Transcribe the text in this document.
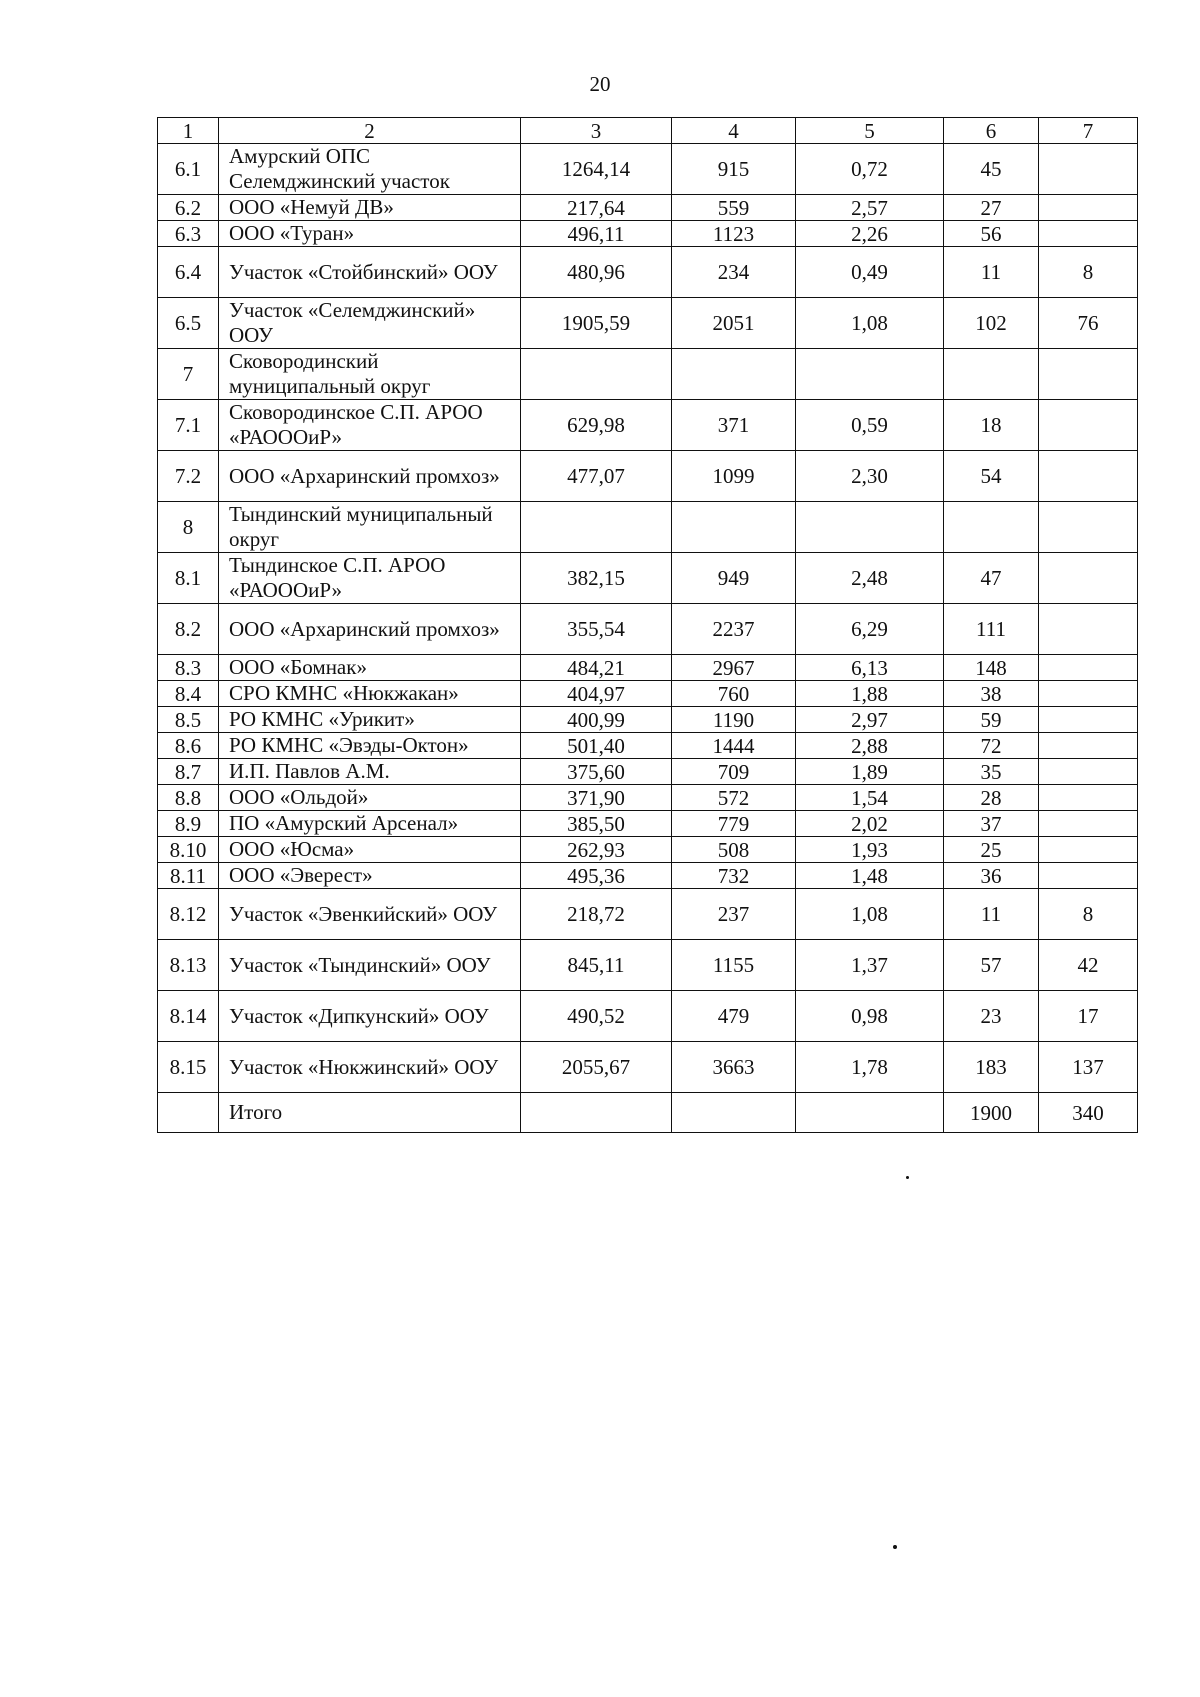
20
1	2	3	4	5	6	7
6.1	Амурский ОПС Селемджинский участок	1264,14	915	0,72	45	
6.2	ООО «Немуй ДВ»	217,64	559	2,57	27	
6.3	ООО «Туран»	496,11	1123	2,26	56	
6.4	Участок «Стойбинский» ООУ	480,96	234	0,49	11	8
6.5	Участок «Селемджинский» ООУ	1905,59	2051	1,08	102	76
7	Сковородинский муниципальный округ					
7.1	Сковородинское С.П. АРОО «РАОООиР»	629,98	371	0,59	18	
7.2	ООО «Архаринский промхоз»	477,07	1099	2,30	54	
8	Тындинский муниципальный округ					
8.1	Тындинское С.П. АРОО «РАОООиР»	382,15	949	2,48	47	
8.2	ООО «Архаринский промхоз»	355,54	2237	6,29	111	
8.3	ООО «Бомнак»	484,21	2967	6,13	148	
8.4	СРО КМНС «Нюкжакан»	404,97	760	1,88	38	
8.5	РО КМНС «Урикит»	400,99	1190	2,97	59	
8.6	РО КМНС «Эвэды-Октон»	501,40	1444	2,88	72	
8.7	И.П. Павлов А.М.	375,60	709	1,89	35	
8.8	ООО «Ольдой»	371,90	572	1,54	28	
8.9	ПО «Амурский Арсенал»	385,50	779	2,02	37	
8.10	ООО «Юсма»	262,93	508	1,93	25	
8.11	ООО «Эверест»	495,36	732	1,48	36	
8.12	Участок «Эвенкийский» ООУ	218,72	237	1,08	11	8
8.13	Участок «Тындинский» ООУ	845,11	1155	1,37	57	42
8.14	Участок «Дипкунский» ООУ	490,52	479	0,98	23	17
8.15	Участок «Нюкжинский» ООУ	2055,67	3663	1,78	183	137
	Итого				1900	340
